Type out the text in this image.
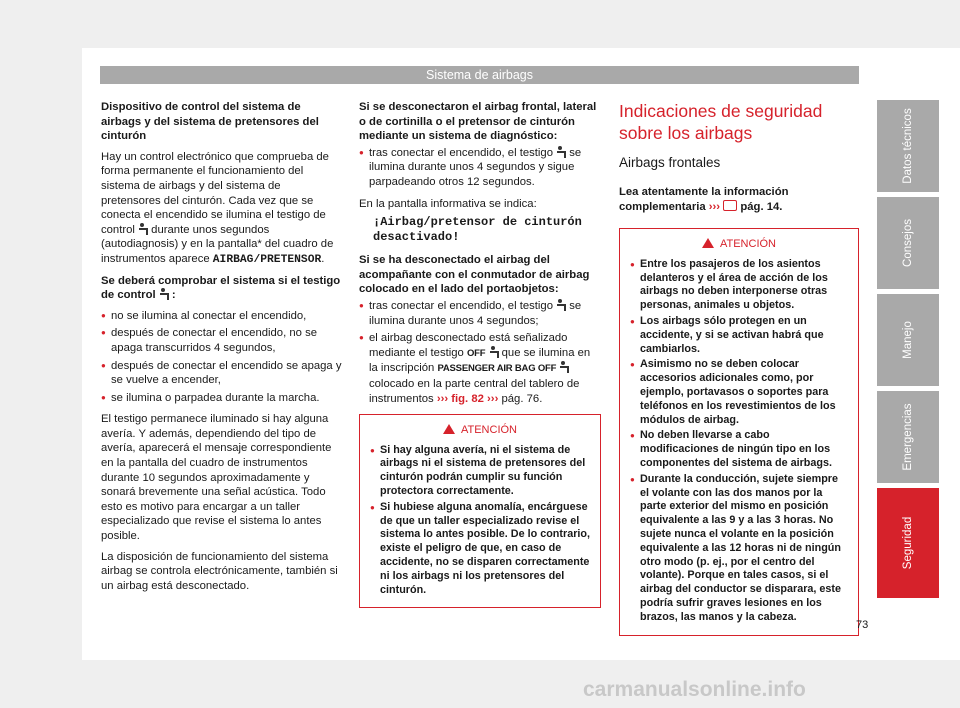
Sistema de airbags

Dispositivo de control del sistema de airbags y del sistema de pretensores del cinturón

Hay un control electrónico que comprueba de forma permanente el funcionamiento del sistema de airbags y del sistema de pretensores del cinturón. Cada vez que se conecta el encendido se ilumina el testigo de control  durante unos segundos (autodiagnosis) y en la pantalla* del cuadro de instrumentos aparece AIRBAG/PRETENSOR.

Se deberá comprobar el sistema si el testigo de control  :

● no se ilumina al conectar el encendido,
● después de conectar el encendido, no se apaga transcurridos 4 segundos,
● después de conectar el encendido se apaga y se vuelve a encender,
● se ilumina o parpadea durante la marcha.

El testigo permanece iluminado si hay alguna avería. Y además, dependiendo del tipo de avería, aparecerá el mensaje correspondiente en la pantalla del cuadro de instrumentos durante 10 segundos aproximadamente y sonará brevemente una señal acústica. Todo esto es motivo para encargar a un taller especializado que revise el sistema lo antes posible.

La disposición de funcionamiento del sistema airbag se controla electrónicamente, también si un airbag está desconectado.

Si se desconectaron el airbag frontal, lateral o de cortinilla o el pretensor de cinturón mediante un sistema de diagnóstico:

● tras conectar el encendido, el testigo  se ilumina durante unos 4 segundos y sigue parpadeando otros 12 segundos.

En la pantalla informativa se indica:

¡Airbag/pretensor de cinturón desactivado!

Si se ha desconectado el airbag del acompañante con el conmutador de airbag colocado en el lado del portaobjetos:

● tras conectar el encendido, el testigo  se ilumina durante unos 4 segundos;
● el airbag desconectado está señalizado mediante el testigo OFF  que se ilumina en la inscripción PASSENGER AIR BAG OFF  colocado en la parte central del tablero de instrumentos ››› fig. 82 ››› pág. 76.
ATENCIÓN
● Si hay alguna avería, ni el sistema de airbags ni el sistema de pretensores del cinturón podrán cumplir su función protectora correctamente.
● Si hubiese alguna anomalía, encárguese de que un taller especializado revise el sistema lo antes posible. De lo contrario, existe el peligro de que, en caso de accidente, no se disparen correctamente ni los airbags ni los pretensores del cinturón.
Indicaciones de seguridad sobre los airbags
Airbags frontales

Lea atentamente la información complementaria ››› pág. 14.

ATENCIÓN
● Entre los pasajeros de los asientos delanteros y el área de acción de los airbags no deben interponerse otras personas, animales u objetos.
● Los airbags sólo protegen en un accidente, y si se activan habrá que cambiarlos.
● Asimismo no se deben colocar accesorios adicionales como, por ejemplo, portavasos o soportes para teléfonos en los revestimientos de los módulos de airbag.
● No deben llevarse a cabo modificaciones de ningún tipo en los componentes del sistema de airbags.
● Durante la conducción, sujete siempre el volante con las dos manos por la parte exterior del mismo en posición equivalente a las 9 y a las 3 horas. No sujete nunca el volante en la posición equivalente a las 12 horas ni de ningún otro modo (p. ej., por el centro del volante). Porque en tales casos, si el airbag del conductor se disparara, este podría sufrir graves lesiones en los brazos, las manos y la cabeza.
Datos técnicos
Consejos
Manejo
Emergencias
Seguridad
73
carmanualsonline.info
